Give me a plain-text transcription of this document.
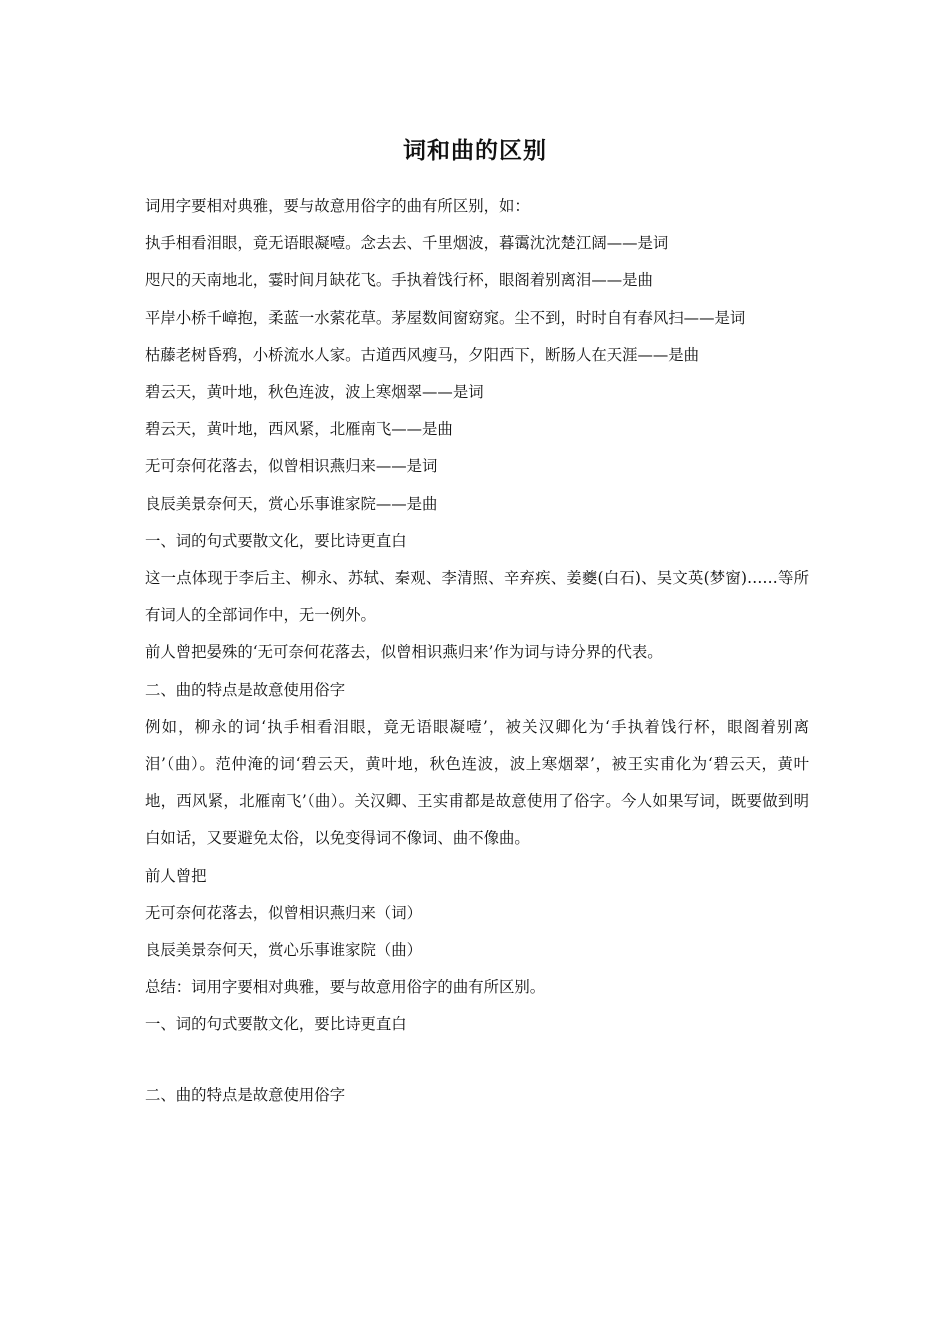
词和曲的区别

词用字要相对典雅，要与故意用俗字的曲有所区别，如：

执手相看泪眼，竟无语眼凝噎。念去去、千里烟波，暮霭沈沈楚江阔——是词

咫尺的天南地北，霎时间月缺花飞。手执着饯行杯，眼阁着别离泪——是曲

平岸小桥千嶂抱，柔蓝一水萦花草。茅屋数间窗窈窕。尘不到，时时自有春风扫——是词

枯藤老树昏鸦，小桥流水人家。古道西风瘦马，夕阳西下，断肠人在天涯——是曲

碧云天，黄叶地，秋色连波，波上寒烟翠——是词

碧云天，黄叶地，西风紧，北雁南飞——是曲

无可奈何花落去，似曾相识燕归来——是词

良辰美景奈何天，赏心乐事谁家院——是曲

一、词的句式要散文化，要比诗更直白

这一点体现于李后主、柳永、苏轼、秦观、李清照、辛弃疾、姜夔(白石)、吴文英(梦窗)……等所有词人的全部词作中，无一例外。

前人曾把晏殊的‘无可奈何花落去，似曾相识燕归来’作为词与诗分界的代表。

二、曲的特点是故意使用俗字

例如，柳永的词‘执手相看泪眼，竟无语眼凝噎’，被关汉卿化为‘手执着饯行杯，眼阁着别离泪’（曲）。范仲淹的词‘碧云天，黄叶地，秋色连波，波上寒烟翠’，被王实甫化为‘碧云天，黄叶地，西风紧，北雁南飞’（曲）。关汉卿、王实甫都是故意使用了俗字。今人如果写词，既要做到明白如话，又要避免太俗，以免变得词不像词、曲不像曲。

前人曾把

无可奈何花落去，似曾相识燕归来（词）

良辰美景奈何天，赏心乐事谁家院（曲）

总结：词用字要相对典雅，要与故意用俗字的曲有所区别。

一、词的句式要散文化，要比诗更直白

二、曲的特点是故意使用俗字
